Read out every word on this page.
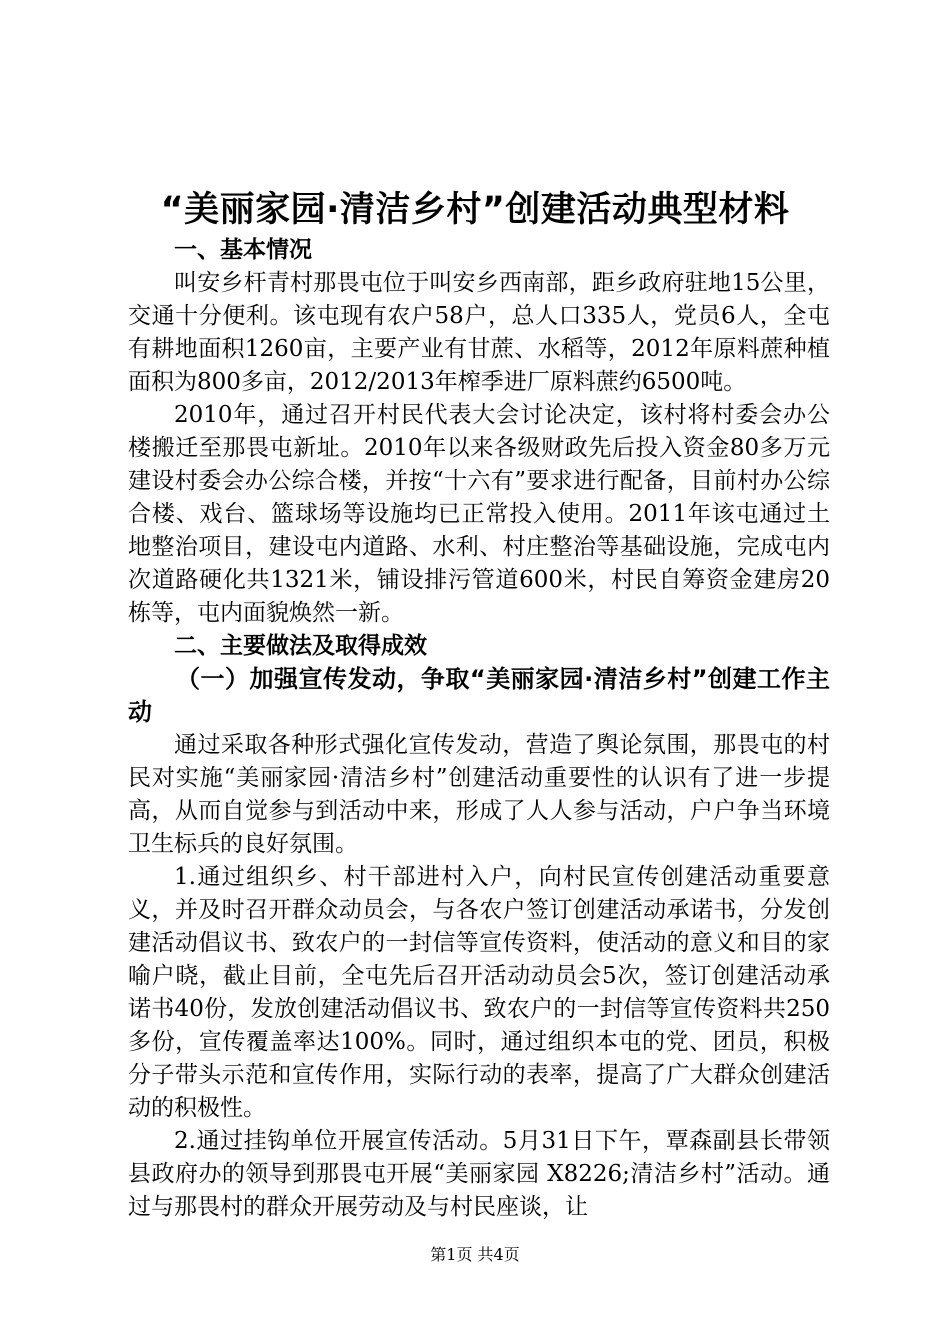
“美丽家园·清洁乡村”创建活动典型材料

一、基本情况

叫安乡杆青村那畏屯位于叫安乡西南部，距乡政府驻地15公里，交通十分便利。该屯现有农户58户，总人口335人，党员6人，全屯有耕地面积1260亩，主要产业有甘蔗、水稻等，2012年原料蔗种植面积为800多亩，2012/2013年榨季进厂原料蔗约6500吨。

2010年，通过召开村民代表大会讨论决定，该村将村委会办公楼搬迁至那畏屯新址。2010年以来各级财政先后投入资金80多万元建设村委会办公综合楼，并按“十六有”要求进行配备，目前村办公综合楼、戏台、篮球场等设施均已正常投入使用。2011年该屯通过土地整治项目，建设屯内道路、水利、村庄整治等基础设施，完成屯内次道路硬化共1321米，铺设排污管道600米，村民自筹资金建房20栋等，屯内面貌焕然一新。

二、主要做法及取得成效

（一）加强宣传发动，争取“美丽家园·清洁乡村”创建工作主动

通过采取各种形式强化宣传发动，营造了舆论氛围，那畏屯的村民对实施“美丽家园·清洁乡村”创建活动重要性的认识有了进一步提高，从而自觉参与到活动中来，形成了人人参与活动，户户争当环境卫生标兵的良好氛围。

1.通过组织乡、村干部进村入户，向村民宣传创建活动重要意义，并及时召开群众动员会，与各农户签订创建活动承诺书，分发创建活动倡议书、致农户的一封信等宣传资料，使活动的意义和目的家喻户晓，截止目前，全屯先后召开活动动员会5次，签订创建活动承诺书40份，发放创建活动倡议书、致农户的一封信等宣传资料共250多份，宣传覆盖率达100%。同时，通过组织本屯的党、团员，积极分子带头示范和宣传作用，实际行动的表率，提高了广大群众创建活动的积极性。

2.通过挂钩单位开展宣传活动。5月31日下午，覃森副县长带领县政府办的领导到那畏屯开展“美丽家园 X8226;清洁乡村”活动。通过与那畏村的群众开展劳动及与村民座谈，让

第1页 共4页
